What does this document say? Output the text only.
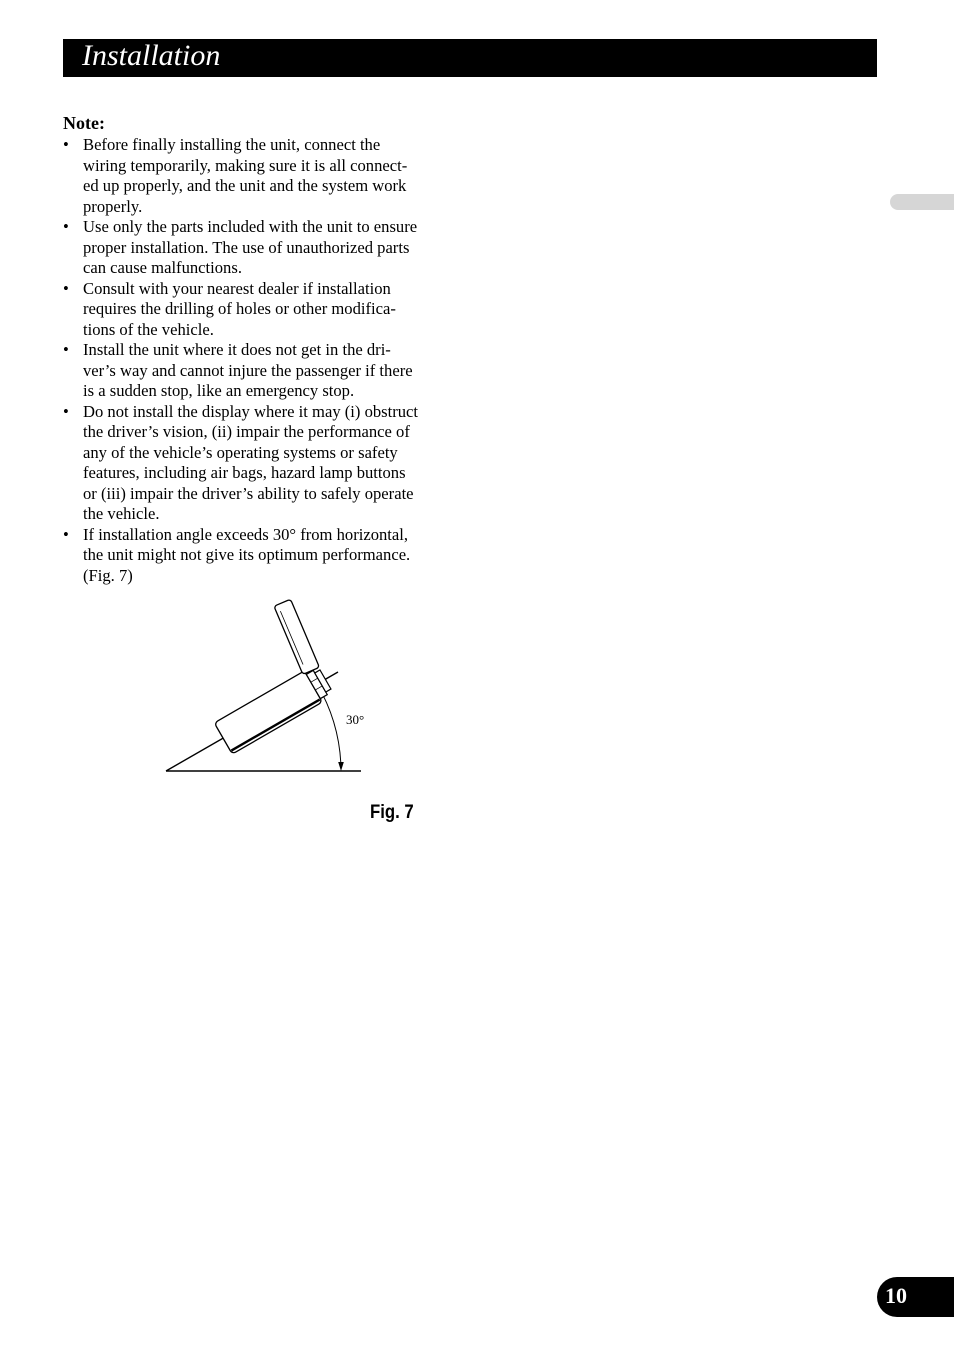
Installation
Note:
• Before finally installing the unit, connect the
wiring temporarily, making sure it is all connect-
ed up properly, and the unit and the system work
properly.
• Use only the parts included with the unit to ensure
proper installation. The use of unauthorized parts
can cause malfunctions.
• Consult with your nearest dealer if installation
requires the drilling of holes or other modifica-
tions of the vehicle.
• Install the unit where it does not get in the dri-
ver’s way and cannot injure the passenger if there
is a sudden stop, like an emergency stop.
• Do not install the display where it may (i) obstruct
the driver’s vision, (ii) impair the performance of
any of the vehicle’s operating systems or safety
features, including air bags, hazard lamp buttons
or (iii) impair the driver’s ability to safely operate
the vehicle.
• If installation angle exceeds 30° from horizontal,
the unit might not give its optimum performance.
(Fig. 7)
30°
Fig. 7
10
